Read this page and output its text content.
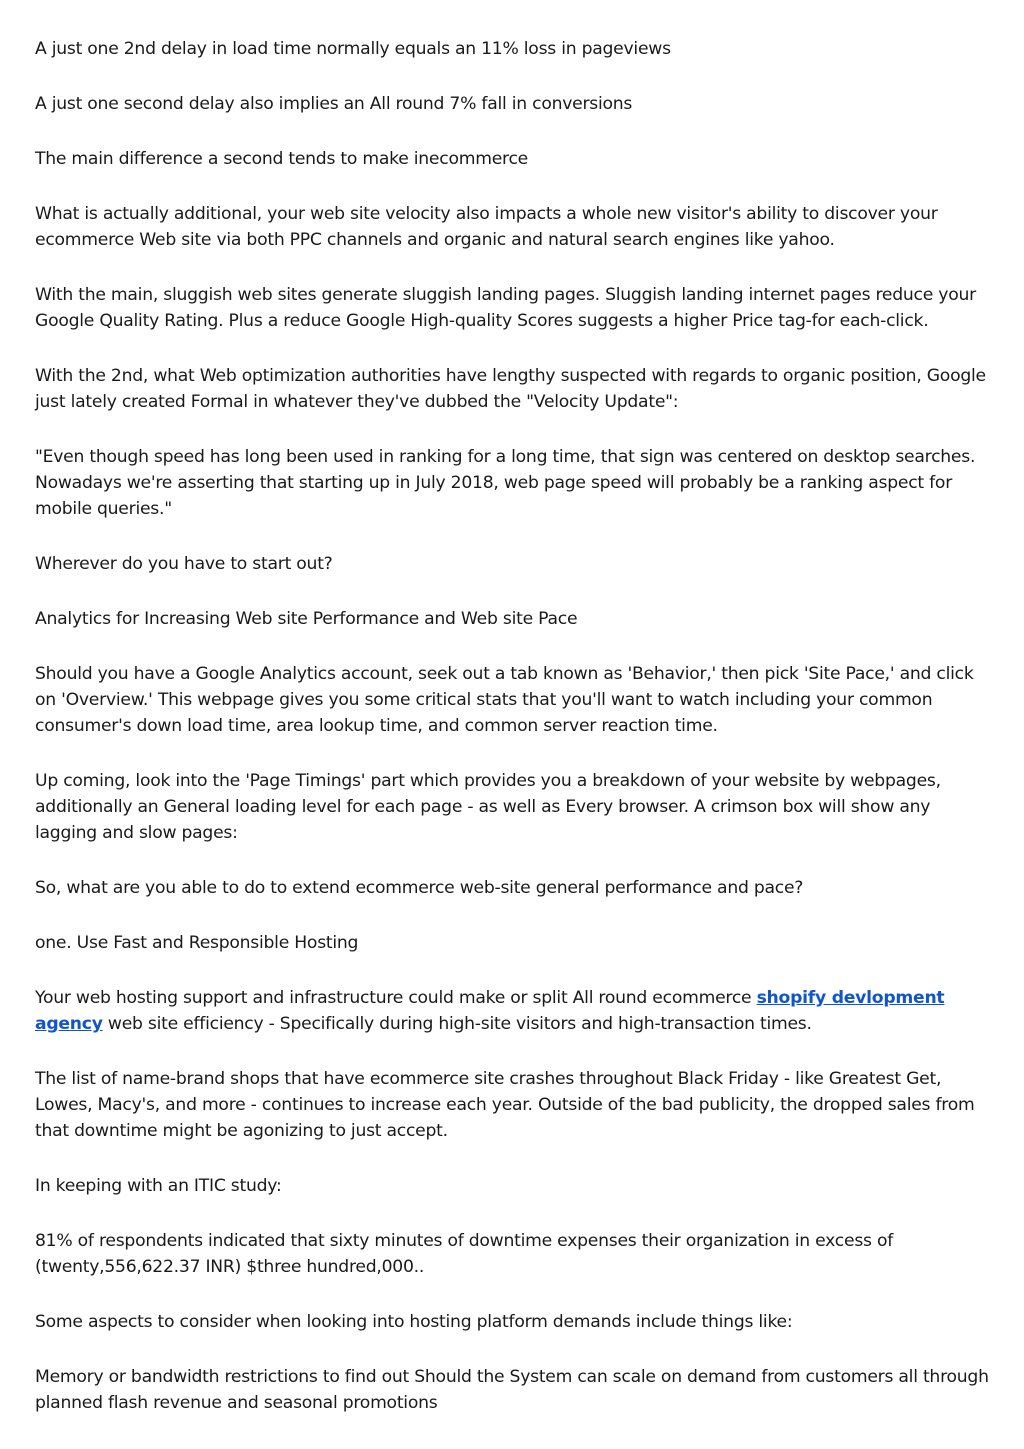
A just one 2nd delay in load time normally equals an 11% loss in pageviews

A just one second delay also implies an All round 7% fall in conversions

The main difference a second tends to make inecommerce

What is actually additional, your web site velocity also impacts a whole new visitor's ability to discover your ecommerce Web site via both PPC channels and organic and natural search engines like yahoo.

With the main, sluggish web sites generate sluggish landing pages. Sluggish landing internet pages reduce your Google Quality Rating. Plus a reduce Google High-quality Scores suggests a higher Price tag-for each-click.

With the 2nd, what Web optimization authorities have lengthy suspected with regards to organic position, Google just lately created Formal in whatever they've dubbed the "Velocity Update":

"Even though speed has long been used in ranking for a long time, that sign was centered on desktop searches. Nowadays we're asserting that starting up in July 2018, web page speed will probably be a ranking aspect for mobile queries."

Wherever do you have to start out?

Analytics for Increasing Web site Performance and Web site Pace

Should you have a Google Analytics account, seek out a tab known as 'Behavior,' then pick 'Site Pace,' and click on 'Overview.' This webpage gives you some critical stats that you'll want to watch including your common consumer's down load time, area lookup time, and common server reaction time.

Up coming, look into the 'Page Timings' part which provides you a breakdown of your website by webpages, additionally an General loading level for each page - as well as Every browser. A crimson box will show any lagging and slow pages:

So, what are you able to do to extend ecommerce web-site general performance and pace?

one. Use Fast and Responsible Hosting

Your web hosting support and infrastructure could make or split All round ecommerce shopify devlopment agency web site efficiency - Specifically during high-site visitors and high-transaction times.

The list of name-brand shops that have ecommerce site crashes throughout Black Friday - like Greatest Get, Lowes, Macy's, and more - continues to increase each year. Outside of the bad publicity, the dropped sales from that downtime might be agonizing to just accept.

In keeping with an ITIC study:

81% of respondents indicated that sixty minutes of downtime expenses their organization in excess of (twenty,556,622.37 INR) $three hundred,000..

Some aspects to consider when looking into hosting platform demands include things like:

Memory or bandwidth restrictions to find out Should the System can scale on demand from customers all through planned flash revenue and seasonal promotions
